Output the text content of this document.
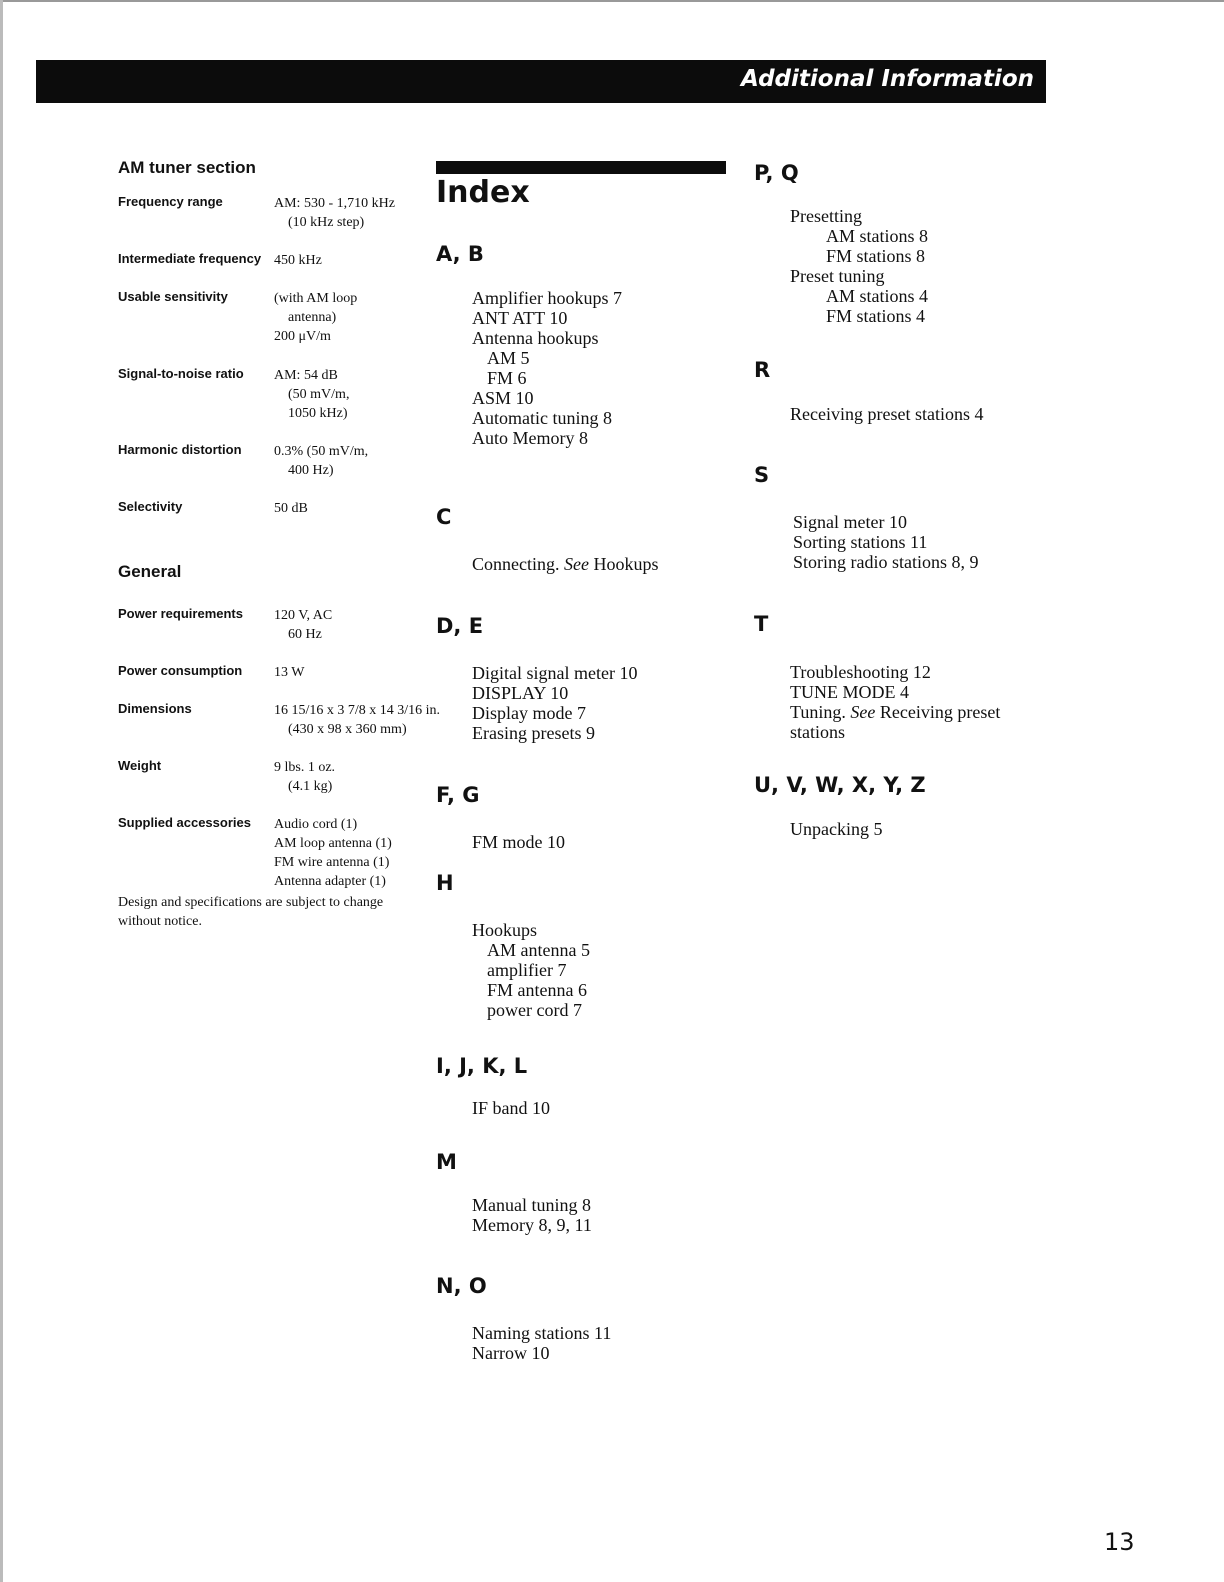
Additional Information
AM tuner section
Frequency range	AM: 530 - 1,710 kHz
(10 kHz step)
Intermediate frequency 450 kHz
Usable sensitivity	(with AM loop
antenna)
200 μV/m
Signal-to-noise ratio AM: 54 dB
(50 mV/m,
1050 kHz)
Harmonic distortion 0.3% (50 mV/m,
400 Hz)
Selectivity	50 dB
General
Power requirements 120 V, AC
60 Hz
Power consumption 13 W
Dimensions	16 15/16 x 3 7/8 x 14 3/16 in.
(430 x 98 x 360 mm)
Weight	9 lbs. 1 oz.
(4.1 kg)
Supplied accessories Audio cord (1)
AM loop antenna (1)
FM wire antenna (1)
Antenna adapter (1)
Design and specifications are subject to change without notice.
Index
A, B
Amplifier hookups 7
ANT ATT 10
Antenna hookups
AM 5
FM 6
ASM 10
Automatic tuning 8
Auto Memory 8
C
Connecting. See Hookups
D, E
Digital signal meter 10
DISPLAY 10
Display mode 7
Erasing presets 9
F, G
FM mode 10
H
Hookups
AM antenna 5
amplifier 7
FM antenna 6
power cord 7
I, J, K, L
IF band 10
M
Manual tuning 8
Memory 8, 9, 11
N, O
Naming stations 11
Narrow 10
P, Q
Presetting
AM stations 8
FM stations 8
Preset tuning
AM stations 4
FM stations 4
R
Receiving preset stations 4
S
Signal meter 10
Sorting stations 11
Storing radio stations 8, 9
T
Troubleshooting 12
TUNE MODE 4
Tuning. See Receiving preset
stations
U, V, W, X, Y, Z
Unpacking 5
13
